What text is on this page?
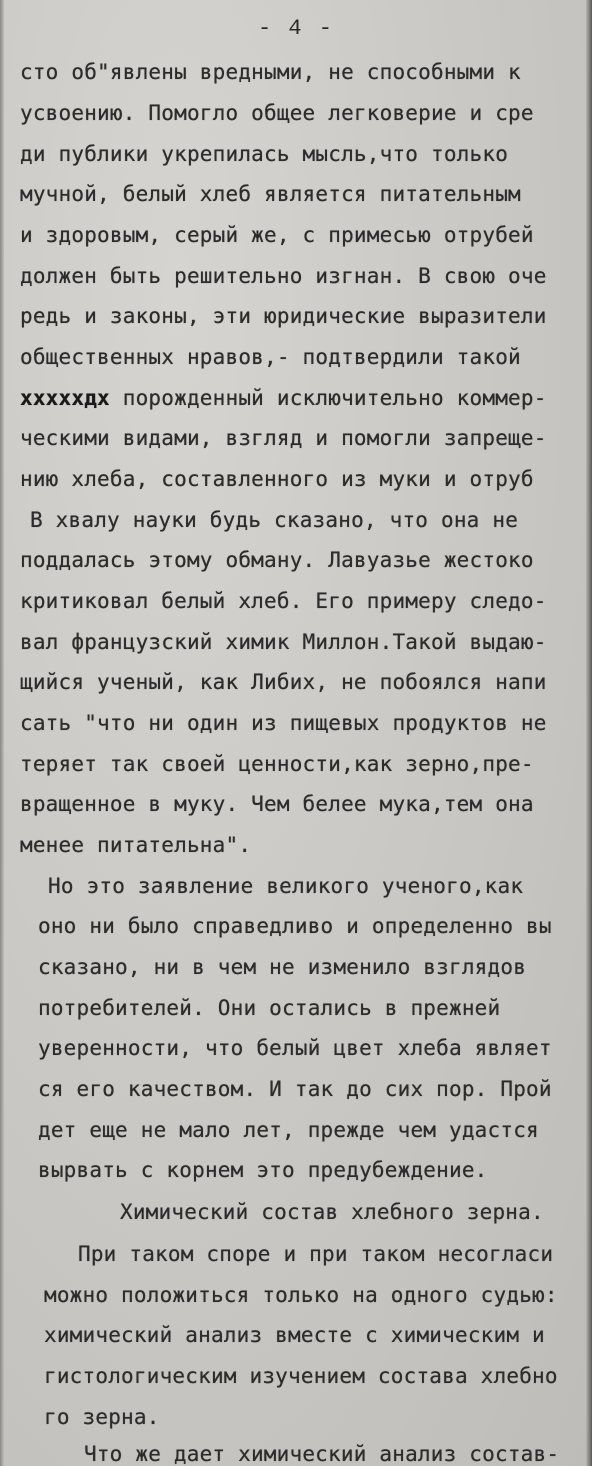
- 4 -
сто об"явлены вредными, не способными к
усвоению. Помогло общее легковерие и сре
ди публики укрепилась мысль,что только
мучной, белый хлеб является питательным
и здоровым, серый же, с примесью отрубей
должен быть решительно изгнан. В свою оче
редь и законы, эти юридические выразители
общественных нравов,- подтвердили такой
xxxxxдх порожденный исключительно коммер-
ческими видами, взгляд и помогли запреще-
нию хлеба, составленного из муки и отруб
В хвалу науки будь сказано, что она не
поддалась этому обману. Лавуазье жестоко
критиковал белый хлеб. Его примеру следо-
вал французский химик Миллон.Такой выдаю-
щийся ученый, как Либих, не побоялся напи
сать "что ни один из пищевых продуктов не
теряет так своей ценности,как зерно,пре-
вращенное в муку. Чем белее мука,тем она
менее питательна".
Но это заявление великого ученого,как
оно ни было справедливо и определенно вы
сказано, ни в чем не изменило взглядов
потребителей. Они остались в прежней
уверенности, что белый цвет хлеба являет
ся его качеством. И так до сих пор. Прой
дет еще не мало лет, прежде чем удастся
вырвать с корнем это предубеждение.
Химический состав хлебного зерна.
При таком споре и при таком несогласи
можно положиться только на одного судью:
химический анализ вместе с химическим и
гистологическим изучением состава хлебно
го зерна.
Что же дает химический анализ состав-
